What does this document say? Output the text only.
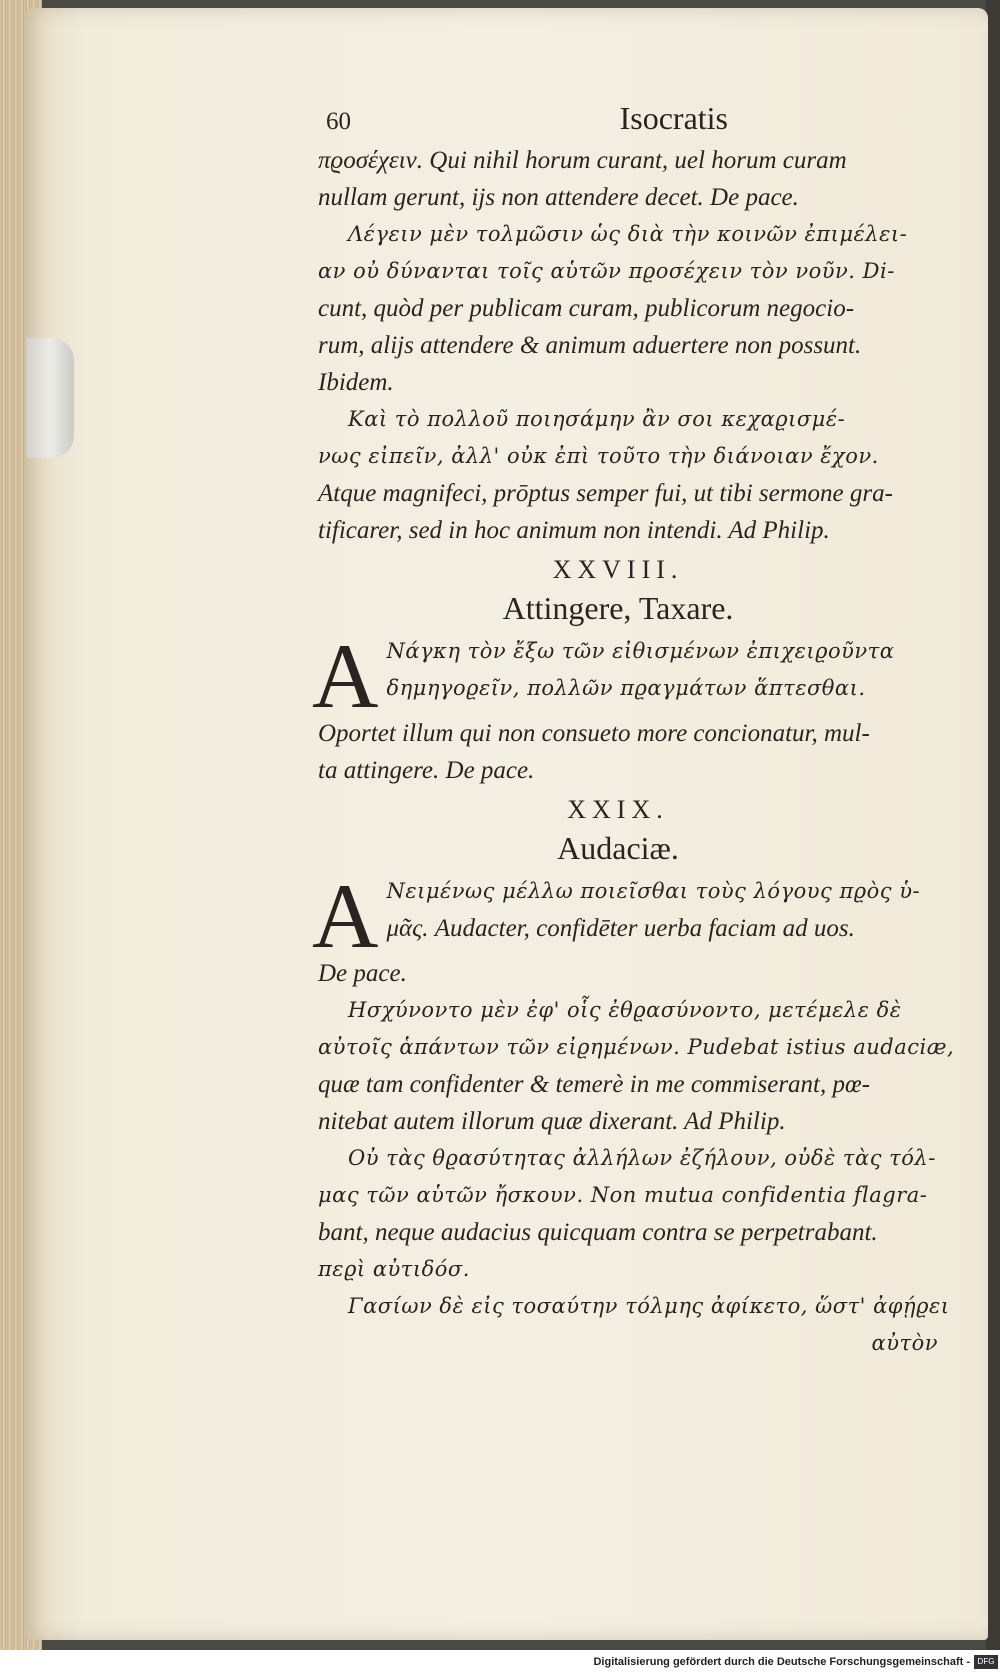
60	Isocratis
πϱοσέχειν. Qui nihil horum curant, uel horum curam
nullam gerunt, ijs non attendere decet. De pace.
Λέγειν μὲν τολμῶσιν ὡς διὰ τὴν κοινῶν ἐπιμέλει-
αν οὐ δύνανται τοῖς αὑτῶν πϱοσέχειν τὸν νοῦν. Di-
cunt, quòd per publicam curam, publicorum negocio-
rum, alijs attendere & animum aduertere non possunt.
Ibidem.
Καὶ τὸ πολλοῦ ποιησάμην ἂν σοι κεχαϱισμέ-
νως εἰπεῖν, ἀλλ' οὐκ ἐπὶ τοῦτο τὴν διάνοιαν ἔχον.
Atque magnifeci, prōptus semper fui, ut tibi sermone gra-
tificarer, sed in hoc animum non intendi. Ad Philip.
XXVIII.
Attingere, Taxare.
A Νάγκη τὸν ἔξω τῶν εἰθισμένων ἐπιχειϱοῦντα
δημηγοϱεῖν, πολλῶν πϱαγμάτων ἅπτεσθαι.
Oportet illum qui non consueto more concionatur, mul-
ta attingere. De pace.
XXIX.
Audaciæ.
A Νειμένως μέλλω ποιεῖσθαι τοὺς λόγους πϱὸς ὑ-
μᾶς. Audacter, confidēter uerba faciam ad uos.
De pace.
Ησχύνοντο μὲν ἐφ' οἷς ἐθϱασύνοντο, μετέμελε δὲ
αὐτοῖς ἁπάντων τῶν εἰϱημένων. Pudebat istius audaciæ,
quæ tam confidenter & temerè in me commiserant, pœ-
nitebat autem illorum quæ dixerant. Ad Philip.
Οὐ τὰς θϱασύτητας ἀλλήλων ἐζήλουν, οὐδὲ τὰς τόλ-
μας τῶν αὑτῶν ἤσκουν. Non mutua confidentia flagra-
bant, neque audacius quicquam contra se perpetrabant.
πεϱὶ αὐτιδόσ.
Γασίων δὲ εἰς τοσαύτην τόλμης ἀφίκετο, ὥστ' ἀφῄϱει
αὐτὸν
Digitalisierung gefördert durch die Deutsche Forschungsgemeinschaft - DFG
